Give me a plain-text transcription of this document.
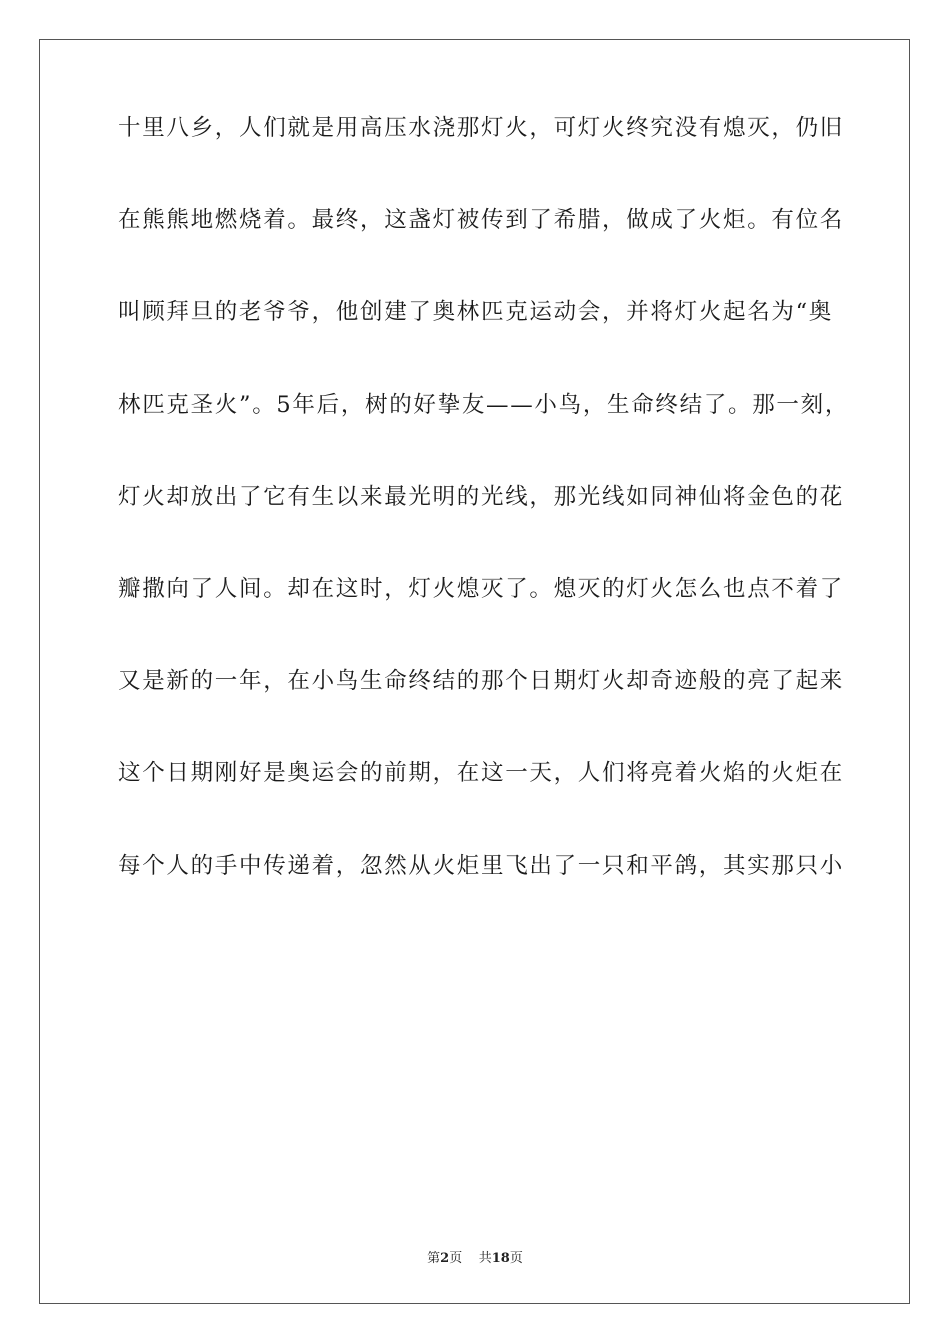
十里八乡，人们就是用高压水浇那灯火，可灯火终究没有熄灭，仍旧
在熊熊地燃烧着。最终，这盏灯被传到了希腊，做成了火炬。有位名
叫顾拜旦的老爷爷，他创建了奥林匹克运动会，并将灯火起名为“奥
林匹克圣火”。5年后，树的好挚友——小鸟，生命终结了。那一刻，
灯火却放出了它有生以来最光明的光线，那光线如同神仙将金色的花
瓣撒向了人间。却在这时，灯火熄灭了。熄灭的灯火怎么也点不着了
又是新的一年，在小鸟生命终结的那个日期灯火却奇迹般的亮了起来
这个日期刚好是奥运会的前期，在这一天，人们将亮着火焰的火炬在
每个人的手中传递着，忽然从火炬里飞出了一只和平鸽，其实那只小
第2页 共18页
